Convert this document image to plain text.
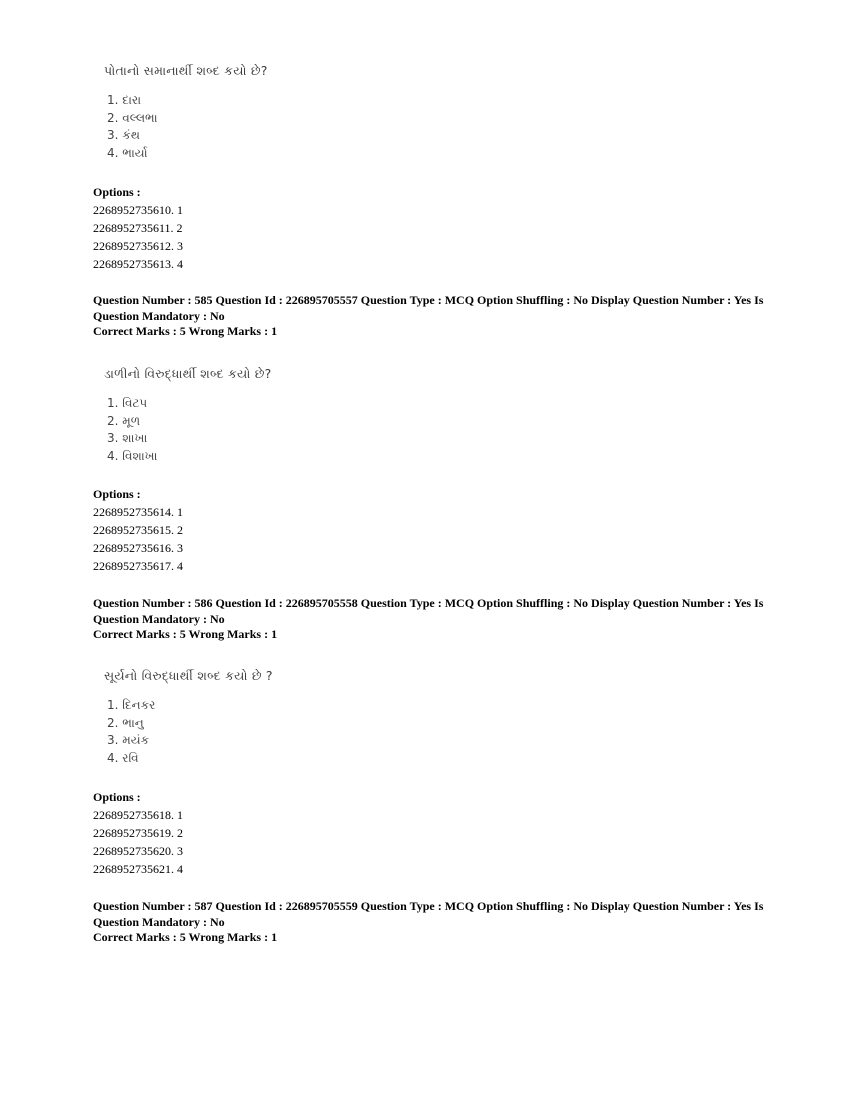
પોતાનો સમાનાર્થી શબ્દ કયો છે?
1. દારા
2. વલ્લભા
3. કંથ
4. ભાર્યા
Options :
2268952735610. 1
2268952735611. 2
2268952735612. 3
2268952735613. 4
Question Number : 585 Question Id : 226895705557 Question Type : MCQ Option Shuffling : No Display Question Number : Yes Is
Question Mandatory : No
Correct Marks : 5 Wrong Marks : 1
ડાળીનો વિરુદ્ધાર્થી શબ્દ કયો છે?
1. વિટપ
2. મૂળ
3. શાખા
4. વિશાખા
Options :
2268952735614. 1
2268952735615. 2
2268952735616. 3
2268952735617. 4
Question Number : 586 Question Id : 226895705558 Question Type : MCQ Option Shuffling : No Display Question Number : Yes Is
Question Mandatory : No
Correct Marks : 5 Wrong Marks : 1
સૂર્યનો વિરુદ્ધાર્થી શબ્દ કયો છે ?
1. દિનકર
2. ભાનુ
3. મયંક
4. રવિ
Options :
2268952735618. 1
2268952735619. 2
2268952735620. 3
2268952735621. 4
Question Number : 587 Question Id : 226895705559 Question Type : MCQ Option Shuffling : No Display Question Number : Yes Is
Question Mandatory : No
Correct Marks : 5 Wrong Marks : 1
